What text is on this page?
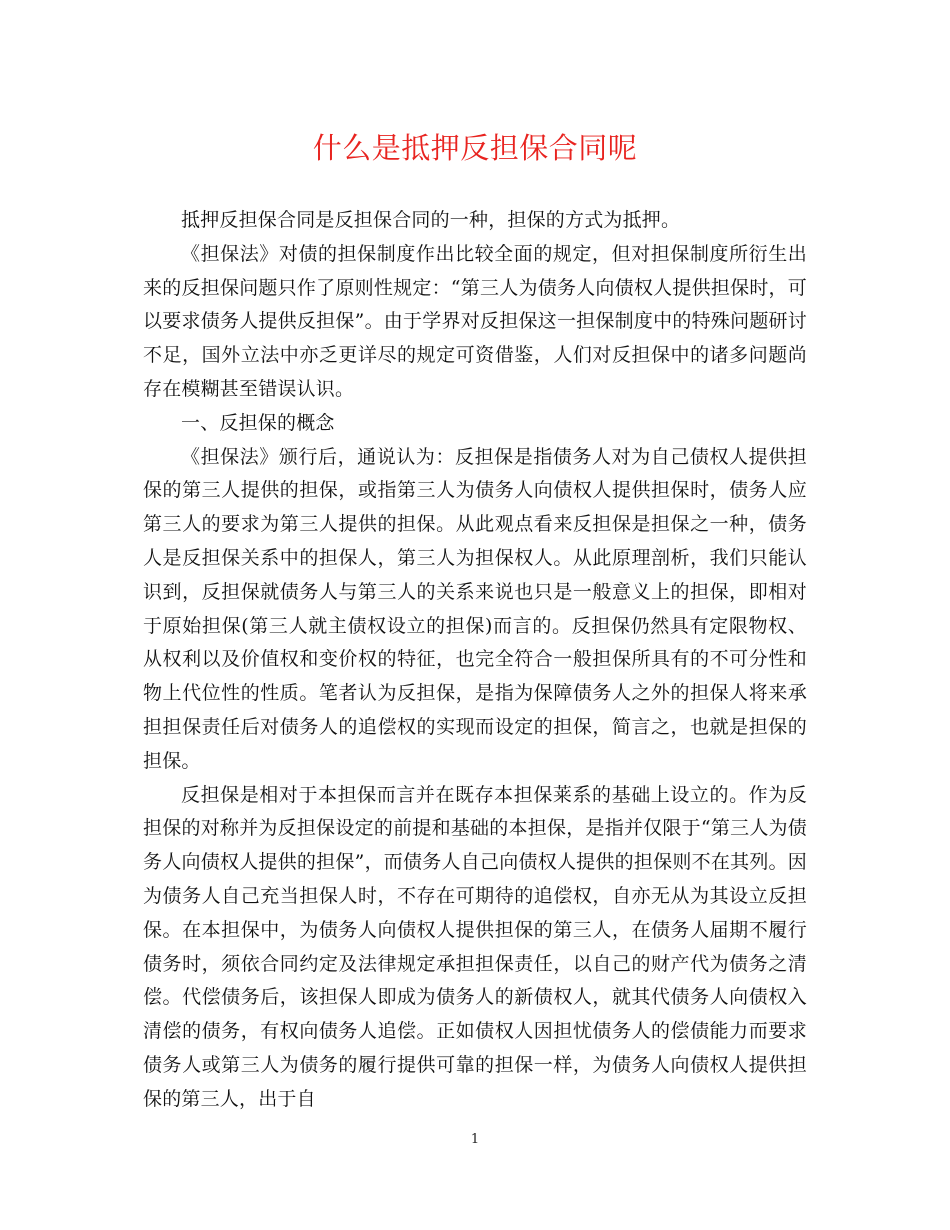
什么是抵押反担保合同呢

抵押反担保合同是反担保合同的一种，担保的方式为抵押。

《担保法》对债的担保制度作出比较全面的规定，但对担保制度所衍生出来的反担保问题只作了原则性规定：“第三人为债务人向债权人提供担保时，可以要求债务人提供反担保”。由于学界对反担保这一担保制度中的特殊问题研讨不足，国外立法中亦乏更详尽的规定可资借鉴，人们对反担保中的诸多问题尚存在模糊甚至错误认识。

一、反担保的概念

《担保法》颁行后，通说认为：反担保是指债务人对为自己债权人提供担保的第三人提供的担保，或指第三人为债务人向债权人提供担保时，债务人应第三人的要求为第三人提供的担保。从此观点看来反担保是担保之一种，债务人是反担保关系中的担保人，第三人为担保权人。从此原理剖析，我们只能认识到，反担保就债务人与第三人的关系来说也只是一般意义上的担保，即相对于原始担保(第三人就主债权设立的担保)而言的。反担保仍然具有定限物权、从权利以及价值权和变价权的特征，也完全符合一般担保所具有的不可分性和物上代位性的性质。笔者认为反担保，是指为保障债务人之外的担保人将来承担担保责任后对债务人的追偿权的实现而设定的担保，简言之，也就是担保的担保。

反担保是相对于本担保而言并在既存本担保莱系的基础上设立的。作为反担保的对称并为反担保设定的前提和基础的本担保，是指并仅限于“第三人为债务人向债权人提供的担保”，而债务人自己向债权人提供的担保则不在其列。因为债务人自己充当担保人时，不存在可期待的追偿权，自亦无从为其设立反担保。在本担保中，为债务人向债权人提供担保的第三人，在债务人届期不履行债务时，须依合同约定及法律规定承担担保责任，以自己的财产代为债务之清偿。代偿债务后，该担保人即成为债务人的新债权人，就其代债务人向债权入清偿的债务，有权向债务人追偿。正如债权人因担忧债务人的偿债能力而要求债务人或第三人为债务的履行提供可靠的担保一样，为债务人向债权人提供担保的第三人，出于自

1
